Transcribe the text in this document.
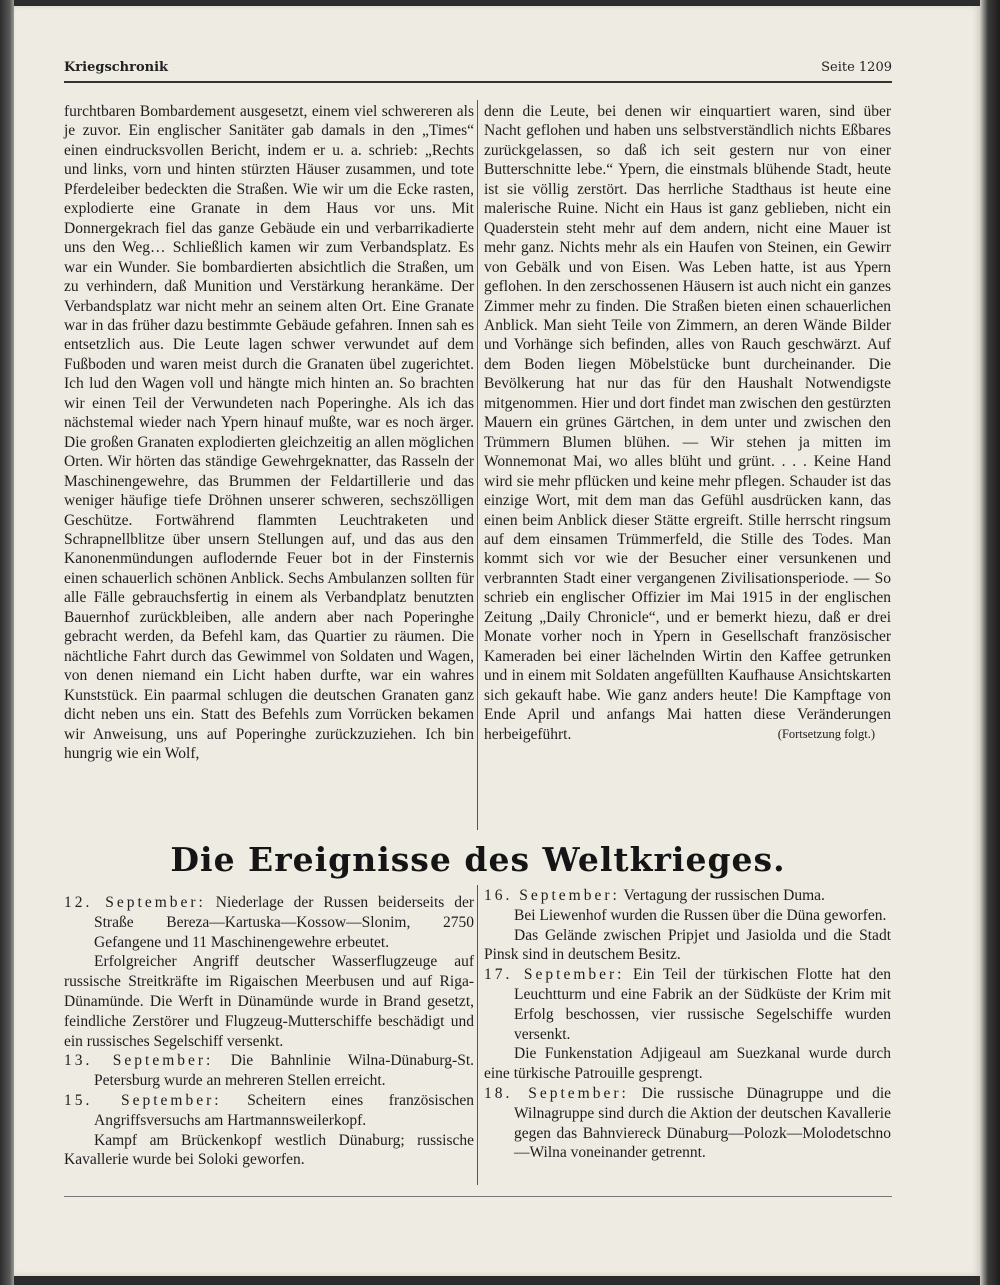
Kriegschronik	Seite 1209

furchtbaren Bombardement ausgesetzt, einem viel schwereren als je zuvor. Ein englischer Sanitäter gab damals in den „Times“ einen eindrucksvollen Bericht, indem er u. a. schrieb: „Rechts und links, vorn und hinten stürzten Häuser zusammen, und tote Pferdeleiber bedeckten die Straßen. Wie wir um die Ecke rasten, explodierte eine Granate in dem Haus vor uns. Mit Donnergekrach fiel das ganze Gebäude ein und verbarrikadierte uns den Weg… Schließlich kamen wir zum Verbandsplatz. Es war ein Wunder. Sie bombardierten absichtlich die Straßen, um zu verhindern, daß Munition und Verstärkung herankäme. Der Verbandsplatz war nicht mehr an seinem alten Ort. Eine Granate war in das früher dazu bestimmte Gebäude gefahren. Innen sah es entsetzlich aus. Die Leute lagen schwer verwundet auf dem Fußboden und waren meist durch die Granaten übel zugerichtet. Ich lud den Wagen voll und hängte mich hinten an. So brachten wir einen Teil der Verwundeten nach Poperinghe. Als ich das nächstemal wieder nach Ypern hinauf mußte, war es noch ärger. Die großen Granaten explodierten gleichzeitig an allen möglichen Orten. Wir hörten das ständige Gewehrgeknatter, das Rasseln der Maschinengewehre, das Brummen der Feldartillerie und das weniger häufige tiefe Dröhnen unserer schweren, sechszölligen Geschütze. Fortwährend flammten Leuchtraketen und Schrapnellblitze über unsern Stellungen auf, und das aus den Kanonenmündungen auflodernde Feuer bot in der Finsternis einen schauerlich schönen Anblick. Sechs Ambulanzen sollten für alle Fälle gebrauchsfertig in einem als Verbandplatz benutzten Bauernhof zurückbleiben, alle andern aber nach Poperinghe gebracht werden, da Befehl kam, das Quartier zu räumen. Die nächtliche Fahrt durch das Gewimmel von Soldaten und Wagen, von denen niemand ein Licht haben durfte, war ein wahres Kunststück. Ein paarmal schlugen die deutschen Granaten ganz dicht neben uns ein. Statt des Befehls zum Vorrücken bekamen wir Anweisung, uns auf Poperinghe zurückzuziehen. Ich bin hungrig wie ein Wolf,

denn die Leute, bei denen wir einquartiert waren, sind über Nacht geflohen und haben uns selbstverständlich nichts Eßbares zurückgelassen, so daß ich seit gestern nur von einer Butterschnitte lebe.“ Ypern, die einstmals blühende Stadt, heute ist sie völlig zerstört. Das herrliche Stadthaus ist heute eine malerische Ruine. Nicht ein Haus ist ganz geblieben, nicht ein Quaderstein steht mehr auf dem andern, nicht eine Mauer ist mehr ganz. Nichts mehr als ein Haufen von Steinen, ein Gewirr von Gebälk und von Eisen. Was Leben hatte, ist aus Ypern geflohen. In den zerschossenen Häusern ist auch nicht ein ganzes Zimmer mehr zu finden. Die Straßen bieten einen schauerlichen Anblick. Man sieht Teile von Zimmern, an deren Wände Bilder und Vorhänge sich befinden, alles von Rauch geschwärzt. Auf dem Boden liegen Möbelstücke bunt durcheinander. Die Bevölkerung hat nur das für den Haushalt Notwendigste mitgenommen. Hier und dort findet man zwischen den gestürzten Mauern ein grünes Gärtchen, in dem unter und zwischen den Trümmern Blumen blühen. — Wir stehen ja mitten im Wonnemonat Mai, wo alles blüht und grünt. . . . Keine Hand wird sie mehr pflücken und keine mehr pflegen. Schauder ist das einzige Wort, mit dem man das Gefühl ausdrücken kann, das einen beim Anblick dieser Stätte ergreift. Stille herrscht ringsum auf dem einsamen Trümmerfeld, die Stille des Todes. Man kommt sich vor wie der Besucher einer versunkenen und verbrannten Stadt einer vergangenen Zivilisationsperiode. — So schrieb ein englischer Offizier im Mai 1915 in der englischen Zeitung „Daily Chronicle“, und er bemerkt hiezu, daß er drei Monate vorher noch in Ypern in Gesellschaft französischer Kameraden bei einer lächelnden Wirtin den Kaffee getrunken und in einem mit Soldaten angefüllten Kaufhause Ansichtskarten sich gekauft habe. Wie ganz anders heute! Die Kampftage von Ende April und anfangs Mai hatten diese Veränderungen herbeigeführt.	(Fortsetzung folgt.)
Die Ereignisse des Weltkrieges.

12. September: Niederlage der Russen beiderseits der Straße Bereza—Kartuska—Kossow—Slonim, 2750 Gefangene und 11 Maschinengewehre erbeutet.

Erfolgreicher Angriff deutscher Wasserflugzeuge auf russische Streitkräfte im Rigaischen Meerbusen und auf Riga-Dünamünde. Die Werft in Dünamünde wurde in Brand gesetzt, feindliche Zerstörer und Flugzeug-Mutterschiffe beschädigt und ein russisches Segelschiff versenkt.

13. September: Die Bahnlinie Wilna-Dünaburg-St. Petersburg wurde an mehreren Stellen erreicht.

15. September: Scheitern eines französischen Angriffsversuchs am Hartmannsweilerkopf.

Kampf am Brückenkopf westlich Dünaburg; russische Kavallerie wurde bei Soloki geworfen.

16. September: Vertagung der russischen Duma.

Bei Liewenhof wurden die Russen über die Düna geworfen.

Das Gelände zwischen Pripjet und Jasiolda und die Stadt Pinsk sind in deutschem Besitz.

17. September: Ein Teil der türkischen Flotte hat den Leuchtturm und eine Fabrik an der Südküste der Krim mit Erfolg beschossen, vier russische Segelschiffe wurden versenkt.

Die Funkenstation Adjigeaul am Suezkanal wurde durch eine türkische Patrouille gesprengt.

18. September: Die russische Dünagruppe und die Wilnagruppe sind durch die Aktion der deutschen Kavallerie gegen das Bahnviereck Dünaburg—Polozk—Molodetschno—Wilna voneinander getrennt.
